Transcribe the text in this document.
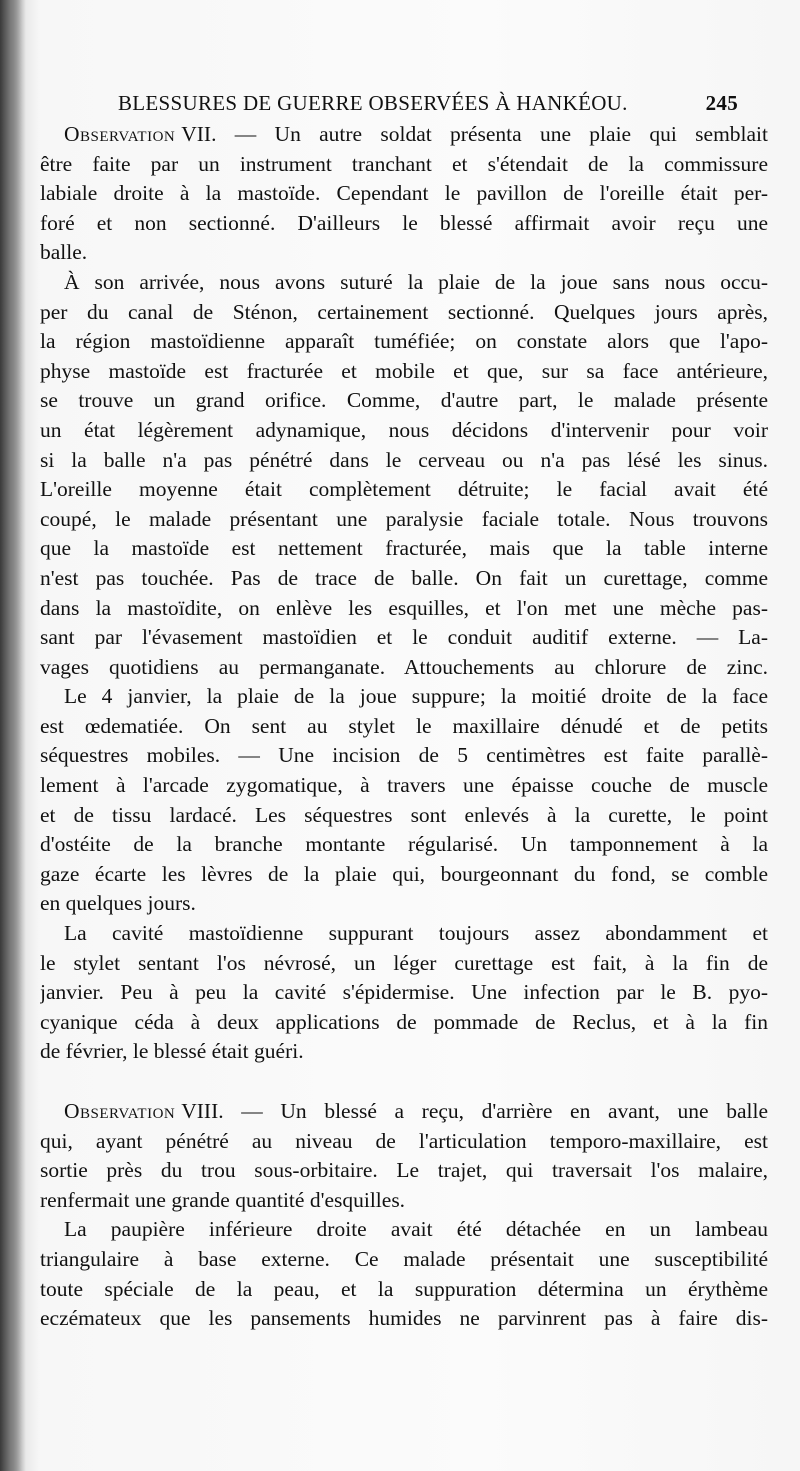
BLESSURES DE GUERRE OBSERVÉES À HANKÉOU.	245
Observation VII. — Un autre soldat présenta une plaie qui semblait
être faite par un instrument tranchant et s'étendait de la commissure
labiale droite à la mastoïde. Cependant le pavillon de l'oreille était per-
foré et non sectionné. D'ailleurs le blessé affirmait avoir reçu une
balle.
À son arrivée, nous avons suturé la plaie de la joue sans nous occu-
per du canal de Sténon, certainement sectionné. Quelques jours après,
la région mastoïdienne apparaît tuméfiée; on constate alors que l'apo-
physe mastoïde est fracturée et mobile et que, sur sa face antérieure,
se trouve un grand orifice. Comme, d'autre part, le malade présente
un état légèrement adynamique, nous décidons d'intervenir pour voir
si la balle n'a pas pénétré dans le cerveau ou n'a pas lésé les sinus.
L'oreille moyenne était complètement détruite; le facial avait été
coupé, le malade présentant une paralysie faciale totale. Nous trouvons
que la mastoïde est nettement fracturée, mais que la table interne
n'est pas touchée. Pas de trace de balle. On fait un curettage, comme
dans la mastoïdite, on enlève les esquilles, et l'on met une mèche pas-
sant par l'évasement mastoïdien et le conduit auditif externe. — La-
vages quotidiens au permanganate. Attouchements au chlorure de zinc.
Le 4 janvier, la plaie de la joue suppure; la moitié droite de la face
est œdematiée. On sent au stylet le maxillaire dénudé et de petits
séquestres mobiles. — Une incision de 5 centimètres est faite parallè-
lement à l'arcade zygomatique, à travers une épaisse couche de muscle
et de tissu lardacé. Les séquestres sont enlevés à la curette, le point
d'ostéite de la branche montante régularisé. Un tamponnement à la
gaze écarte les lèvres de la plaie qui, bourgeonnant du fond, se comble
en quelques jours.
La cavité mastoïdienne suppurant toujours assez abondamment et
le stylet sentant l'os névrosé, un léger curettage est fait, à la fin de
janvier. Peu à peu la cavité s'épidermise. Une infection par le B. pyo-
cyanique céda à deux applications de pommade de Reclus, et à la fin
de février, le blessé était guéri.
Observation VIII. — Un blessé a reçu, d'arrière en avant, une balle
qui, ayant pénétré au niveau de l'articulation temporo-maxillaire, est
sortie près du trou sous-orbitaire. Le trajet, qui traversait l'os malaire,
renfermait une grande quantité d'esquilles.
La paupière inférieure droite avait été détachée en un lambeau
triangulaire à base externe. Ce malade présentait une susceptibilité
toute spéciale de la peau, et la suppuration détermina un érythème
eczémateux que les pansements humides ne parvinrent pas à faire dis-
